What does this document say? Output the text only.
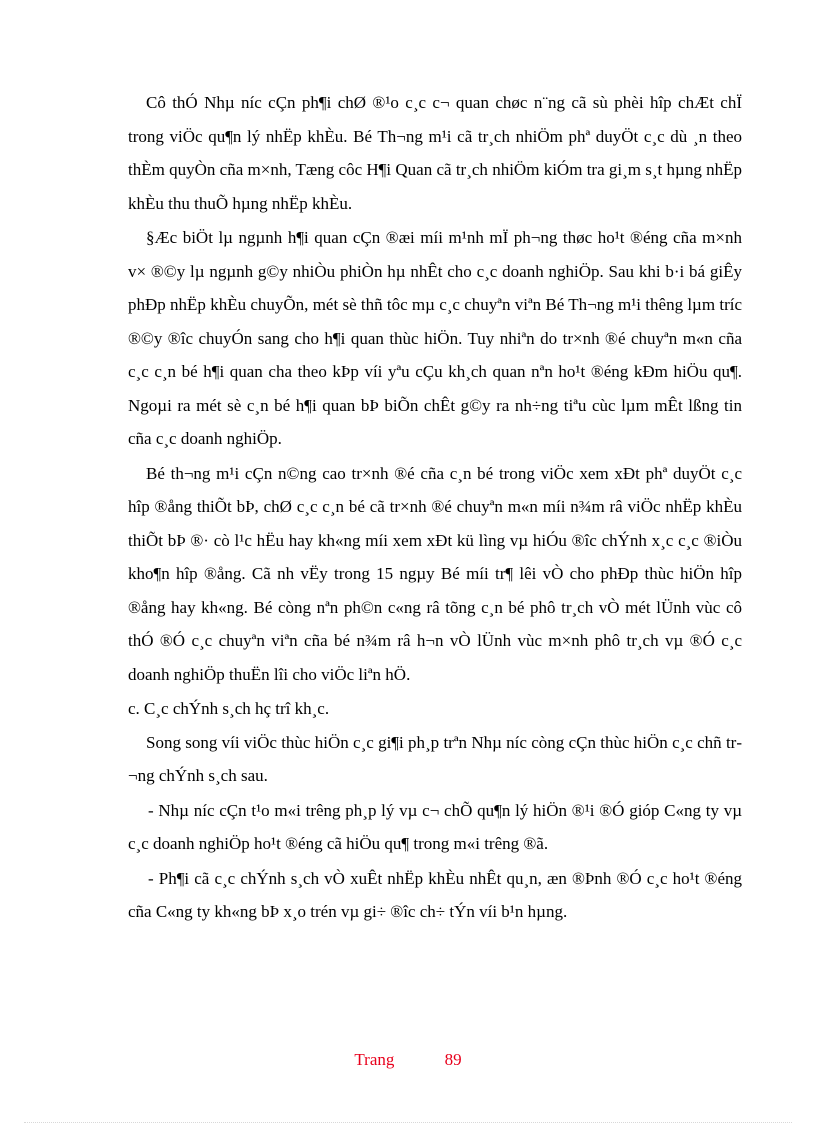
Cô thÓ Nhµ níc cÇn ph¶i chØ ®¹o c¸c c¬ quan chøc n¨ng cã sù phèi hîp chÆt chÏ trong viÖc qu¶n lý nhËp khÈu. Bé Th¬ng m¹i cã tr¸ch nhiÖm phª duyÖt c¸c dù ¸n theo thÈm quyÒn cña m×nh, Tæng côc H¶i Quan cã tr¸ch nhiÖm kiÓm tra gi¸m s¸t hµng nhËp khÈu thu thuÕ hµng nhËp khÈu.

§Æc biÖt lµ ngµnh h¶i quan cÇn ®æi míi m¹nh mÏ ph¬ng thøc ho¹t ®éng cña m×nh v× ®©y lµ ngµnh g©y nhiÒu phiÒn hµ nhÊt cho c¸c doanh nghiÖp. Sau khi b·i bá giÊy phÐp nhËp khÈu chuyÕn, mét sè thñ tôc mµ c¸c chuyªn viªn Bé Th¬ng m¹i thêng lµm tríc ®©y ®îc chuyÓn sang cho h¶i quan thùc hiÖn. Tuy nhiªn do tr×nh ®é chuyªn m«n cña c¸c c¸n bé h¶i quan cha theo kÞp víi yªu cÇu kh¸ch quan nªn ho¹t ®éng kÐm hiÖu qu¶. Ngoµi ra mét sè c¸n bé h¶i quan bÞ biÕn chÊt g©y ra nh÷ng tiªu cùc lµm mÊt lßng tin cña c¸c doanh nghiÖp.

Bé th¬ng m¹i cÇn n©ng cao tr×nh ®é cña c¸n bé trong viÖc xem xÐt phª duyÖt c¸c hîp ®ång thiÕt bÞ, chØ c¸c c¸n bé cã tr×nh ®é chuyªn m«n míi n¾m râ viÖc nhËp khÈu thiÕt bÞ ®· cò l¹c hËu hay kh«ng míi xem xÐt kü lìng vµ hiÓu ®îc chÝnh x¸c c¸c ®iÒu kho¶n hîp ®ång. Cã nh vËy trong 15 ngµy Bé míi tr¶ lêi vÒ cho phÐp thùc hiÖn hîp ®ång hay kh«ng. Bé còng nªn ph©n c«ng râ tõng c¸n bé phô tr¸ch vÒ mét lÜnh vùc cô thÓ ®Ó c¸c chuyªn viªn cña bé n¾m râ h¬n vÒ lÜnh vùc m×nh phô tr¸ch vµ ®Ó c¸c doanh nghiÖp thuËn lîi cho viÖc liªn hÖ.

c. C¸c chÝnh s¸ch hç trî kh¸c.

Song song víi viÖc thùc hiÖn c¸c gi¶i ph¸p trªn Nhµ níc còng cÇn thùc hiÖn c¸c chñ tr¬ng chÝnh s¸ch sau.

- Nhµ níc cÇn t¹o m«i trêng ph¸p lý vµ c¬ chÕ qu¶n lý hiÖn ®¹i ®Ó gióp C«ng ty vµ c¸c doanh nghiÖp ho¹t ®éng cã hiÖu qu¶ trong m«i trêng ®ã.

- Ph¶i cã c¸c chÝnh s¸ch vÒ xuÊt nhËp khÈu nhÊt qu¸n, æn ®Þnh ®Ó c¸c ho¹t ®éng cña C«ng ty kh«ng bÞ x¸o trén vµ gi÷ ®îc ch÷ tÝn víi b¹n hµng.

Trang	89
